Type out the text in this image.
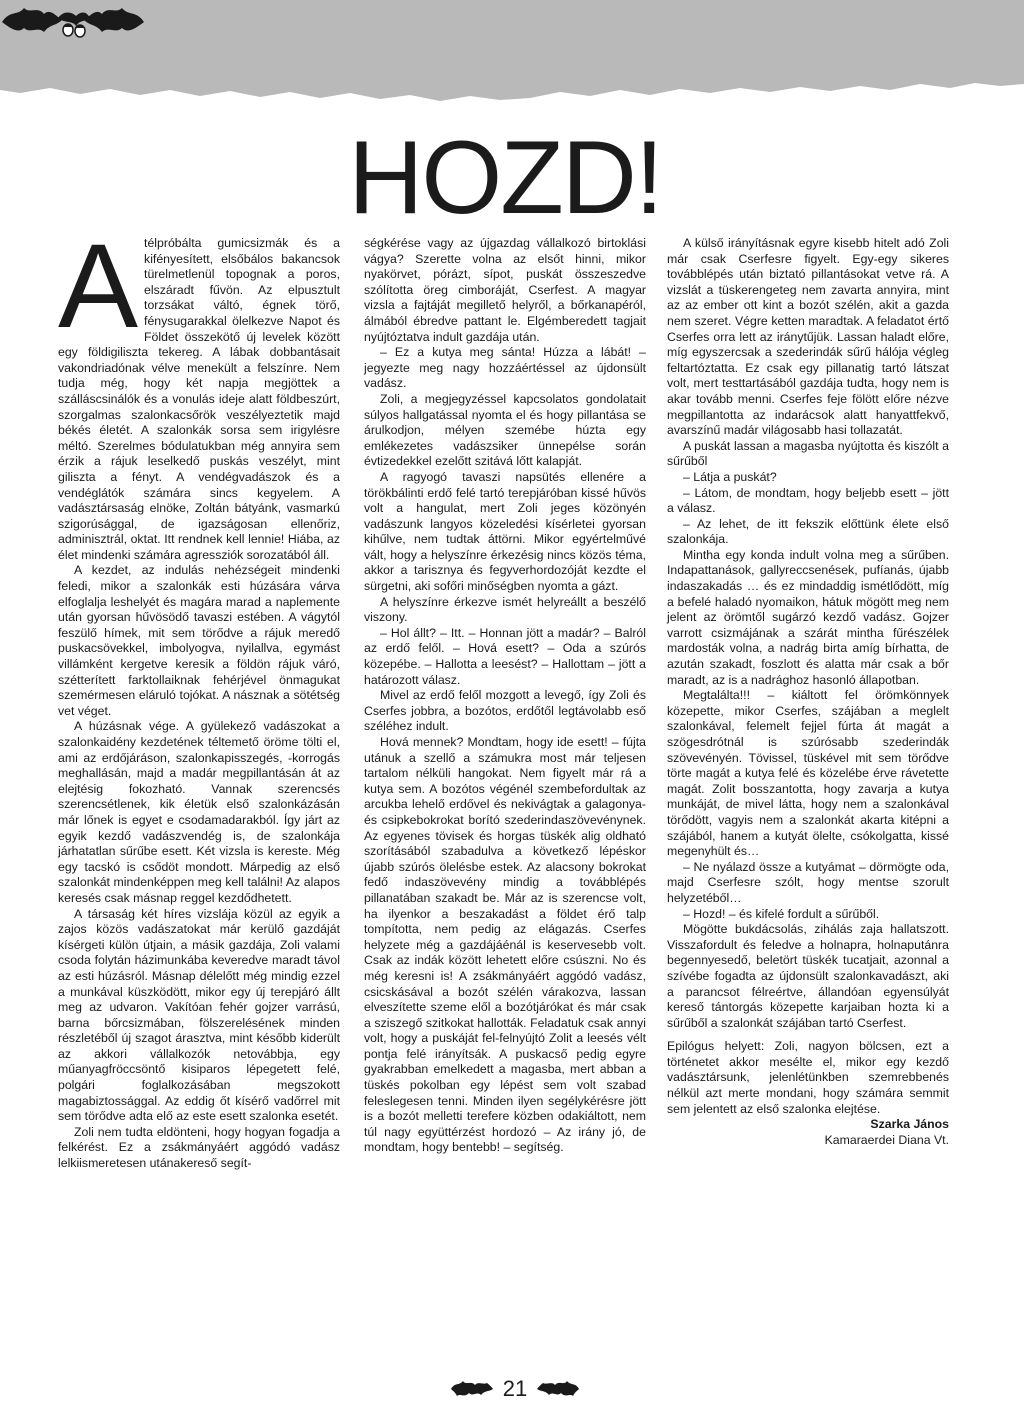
HOZD!

Atélpróbálta gumicsizmák és a kifényesített, elsőbálos bakancsok türelmetlenül topognak a poros, elszáradt fűvön. Az elpusztult torzsákat váltó, égnek törő, fénysugarakkal ölelkezve Napot és Földet összekötő új levelek között egy földigiliszta tekereg. A lábak dobbantásait vakondriadónak vélve menekült a felszínre. Nem tudja még, hogy két napja megjöttek a szálláscsinálók és a vonulás ideje alatt földbeszúrt, szorgalmas szalonkacsőrök veszélyeztetik majd békés életét. A szalonkák sorsa sem irigylésre méltó. Szerelmes bódulatukban még annyira sem érzik a rájuk leselkedő puskás veszélyt, mint giliszta a fényt. A vendégvadászok és a vendéglátók számára sincs kegyelem. A vadásztársaság elnöke, Zoltán bátyánk, vasmarkú szigorúsággal, de igazságosan ellenőriz, adminisztrál, oktat. Itt rendnek kell lennie! Hiába, az élet mindenki számára agressziók sorozatából áll.

A kezdet, az indulás nehézségeit mindenki feledi, mikor a szalonkák esti húzására várva elfoglalja leshelyét és magára marad a naplemente után gyorsan hűvösödő tavaszi estében. A vágytól feszülő hímek, mit sem törődve a rájuk meredő puskacsövekkel, imbolyogva, nyilallva, egymást villámként kergetve keresik a földön rájuk váró, szétterített farktollaiknak fehérjével önmagukat szemérmesen eláruló tojókat. A násznak a sötétség vet véget.

A húzásnak vége. A gyülekező vadászokat a szalonkaidény kezdetének téltemető öröme tölti el, ami az erdőjáráson, szalonkapisszegés, -korrogás meghallásán, majd a madár megpillantásán át az elejtésig fokozható. Vannak szerencsés szerencsétlenek, kik életük első szalonkázásán már lőnek is egyet e csodamadarakból. Így járt az egyik kezdő vadászvendég is, de szalonkája járhatatlan sűrűbe esett. Két vizsla is kereste. Még egy tacskó is csődöt mondott. Márpedig az első szalonkát mindenképpen meg kell találni! Az alapos keresés csak másnap reggel kezdődhetett.

A társaság két híres vizslája közül az egyik a zajos közös vadászatokat már kerülő gazdáját kísérgeti külön útjain, a másik gazdája, Zoli valami csoda folytán házimunkába keveredve maradt távol az esti húzásról. Másnap délelőtt még mindig ezzel a munkával küszködött, mikor egy új terepjáró állt meg az udvaron. Vakítóan fehér gojzer varrású, barna bőrcsizmában, fölszerelésének minden részletéből új szagot árasztva, mint később kiderült az akkori vállalkozók netovábbja, egy műanyagfröccsöntő kisiparos lépegetett felé, polgári foglalkozásában megszokott magabiztossággal. Az eddig őt kísérő vadőrrel mit sem törődve adta elő az este esett szalonka esetét.

Zoli nem tudta eldönteni, hogy hogyan fogadja a felkérést. Ez a zsákmányáért aggódó vadász lelkiismeretesen utánakereső segít-

ségkérése vagy az újgazdag vállalkozó birtoklási vágya? Szerette volna az elsőt hinni, mikor nyakörvet, pórázt, sípot, puskát összeszedve szólította öreg cimboráját, Cserfest. A magyar vizsla a fajtáját megillető helyről, a bőrkanapéról, álmából ébredve pattant le. Elgémberedett tagjait nyújtóztatva indult gazdája után.

– Ez a kutya meg sánta! Húzza a lábát! – jegyezte meg nagy hozzáértéssel az újdonsült vadász.

Zoli, a megjegyzéssel kapcsolatos gondolatait súlyos hallgatással nyomta el és hogy pillantása se árulkodjon, mélyen szemébe húzta egy emlékezetes vadászsiker ünnepélse során évtizedekkel ezelőtt szitává lőtt kalapját.

A ragyogó tavaszi napsütés ellenére a törökbálinti erdő felé tartó terepjáróban kissé hűvös volt a hangulat, mert Zoli jeges közönyén vadászunk langyos közeledési kísérletei gyorsan kihűlve, nem tudtak áttörni. Mikor egyértelművé vált, hogy a helyszínre érkezésig nincs közös téma, akkor a tarisznya és fegyverhordozóját kezdte el sürgetni, aki sofőri minőségben nyomta a gázt.

A helyszínre érkezve ismét helyreállt a beszélő viszony.

– Hol állt? – Itt. – Honnan jött a madár? – Balról az erdő felől. – Hová esett? – Oda a szúrós közepébe. – Hallotta a leesést? – Hallottam – jött a határozott válasz.

Mivel az erdő felől mozgott a levegő, így Zoli és Cserfes jobbra, a bozótos, erdőtől legtávolabb eső széléhez indult.

Hová mennek? Mondtam, hogy ide esett! – fújta utánuk a szellő a számukra most már teljesen tartalom nélküli hangokat. Nem figyelt már rá a kutya sem. A bozótos végénél szembefordultak az arcukba lehelő erdővel és nekivágtak a galagonya- és csipkebokrokat borító szederindaszövevénynek. Az egyenes tövisek és horgas tüskék alig oldható szorításából szabadulva a következő lépéskor újabb szúrós ölelésbe estek. Az alacsony bokrokat fedő indaszövevény mindig a továbblépés pillanatában szakadt be. Már az is szerencse volt, ha ilyenkor a beszakadást a földet érő talp tompította, nem pedig az elágazás. Cserfes helyzete még a gazdájáénál is keservesebb volt. Csak az indák között lehetett előre csúszni. No és még keresni is! A zsákmányáért aggódó vadász, csicskásával a bozót szélén várakozva, lassan elveszítette szeme elől a bozótjárókat és már csak a sziszegő szitkokat hallották. Feladatuk csak annyi volt, hogy a puskáját fel-felnyújtó Zolit a leesés vélt pontja felé irányítsák. A puskacső pedig egyre gyakrabban emelkedett a magasba, mert abban a tüskés pokolban egy lépést sem volt szabad feleslegesen tenni. Minden ilyen segélykérésre jött is a bozót melletti terefere közben odakiáltott, nem túl nagy együttérzést hordozó – Az irány jó, de mondtam, hogy bentebb! – segítség.

A külső irányításnak egyre kisebb hitelt adó Zoli már csak Cserfesre figyelt. Egy-egy sikeres továbblépés után biztató pillantásokat vetve rá. A vizslát a tüskerengeteg nem zavarta annyira, mint az az ember ott kint a bozót szélén, akit a gazda nem szeret. Végre ketten maradtak. A feladatot értő Cserfes orra lett az iránytűjük. Lassan haladt előre, míg egyszercsak a szederindák sűrű hálója végleg feltartóztatta. Ez csak egy pillanatig tartó látszat volt, mert testtartásából gazdája tudta, hogy nem is akar tovább menni. Cserfes feje fölött előre nézve megpillantotta az indarácsok alatt hanyattfekvő, avarszínű madár világosabb hasi tollazatát.

A puskát lassan a magasba nyújtotta és kiszólt a sűrűből

– Látja a puskát?

– Látom, de mondtam, hogy beljebb esett – jött a válasz.

– Az lehet, de itt fekszik előttünk élete első szalonkája.

Mintha egy konda indult volna meg a sűrűben. Indapattanások, gallyreccsenések, pufíanás, újabb indaszakadás … és ez mindaddig ismétlődött, míg a befelé haladó nyomaikon, hátuk mögött meg nem jelent az örömtől sugárzó kezdő vadász. Gojzer varrott csizmájának a szárát mintha fűrészélek mardosták volna, a nadrág birta amíg bírhatta, de azután szakadt, foszlott és alatta már csak a bőr maradt, az is a nadrághoz hasonló állapotban.

Megtalálta!!! – kiáltott fel örömkönnyek közepette, mikor Cserfes, szájában a meglelt szalonkával, felemelt fejjel fúrta át magát a szögesdrótnál is szúrósabb szederindák szövevényén. Tövissel, tüskével mit sem törődve törte magát a kutya felé és közelébe érve rávetette magát. Zolit bosszantotta, hogy zavarja a kutya munkáját, de mivel látta, hogy nem a szalonkával törődött, vagyis nem a szalonkát akarta kitépni a szájából, hanem a kutyát ölelte, csókolgatta, kissé megenyhült és…

– Ne nyálazd össze a kutyámat – dörmögte oda, majd Cserfesre szólt, hogy mentse szorult helyzetéből…

– Hozd! – és kifelé fordult a sűrűből.

Mögötte bukdácsolás, zihálás zaja hallatszott. Visszafordult és feledve a holnapra, holnaputánra begennyesedő, beletört tüskék tucatjait, azonnal a szívébe fogadta az újdonsült szalonkavadászt, aki a parancsot félreértve, állandóan egyensúlyát kereső tántorgás közepette karjaiban hozta ki a sűrűből a szalonkát szájában tartó Cserfest.

Epilógus helyett: Zoli, nagyon bölcsen, ezt a történetet akkor mesélte el, mikor egy kezdő vadásztársunk, jelenlétünkben szemrebbenés nélkül azt merte mondani, hogy számára semmit sem jelentett az első szalonka elejtése.

Szarka János

Kamaraerdei Diana Vt.

21
